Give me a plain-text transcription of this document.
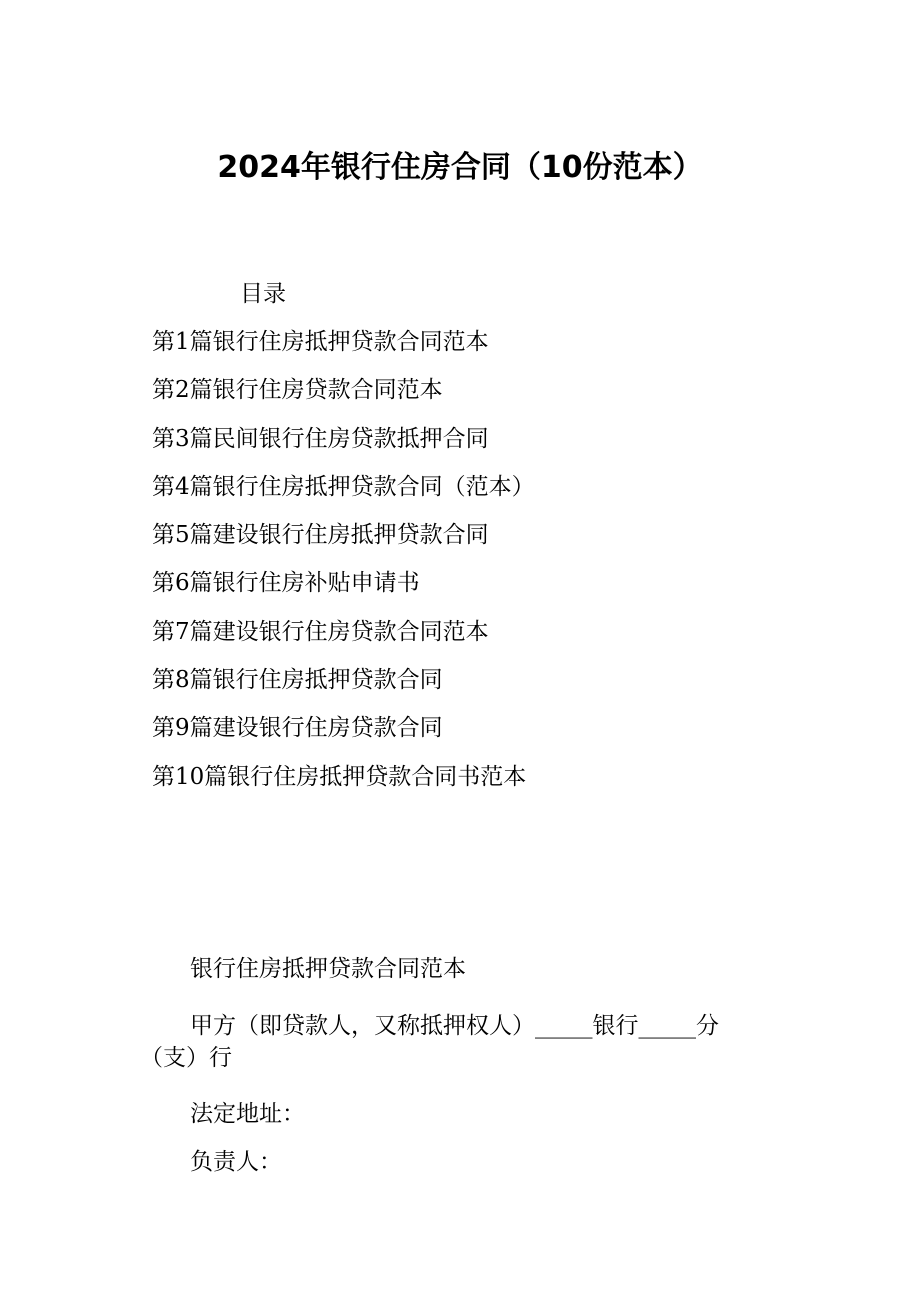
2024年银行住房合同（10份范本）
目录
第1篇银行住房抵押贷款合同范本
第2篇银行住房贷款合同范本
第3篇民间银行住房贷款抵押合同
第4篇银行住房抵押贷款合同（范本）
第5篇建设银行住房抵押贷款合同
第6篇银行住房补贴申请书
第7篇建设银行住房贷款合同范本
第8篇银行住房抵押贷款合同
第9篇建设银行住房贷款合同
第10篇银行住房抵押贷款合同书范本
银行住房抵押贷款合同范本
甲方（即贷款人，又称抵押权人）_____银行_____分
（支）行
法定地址：
负责人：
